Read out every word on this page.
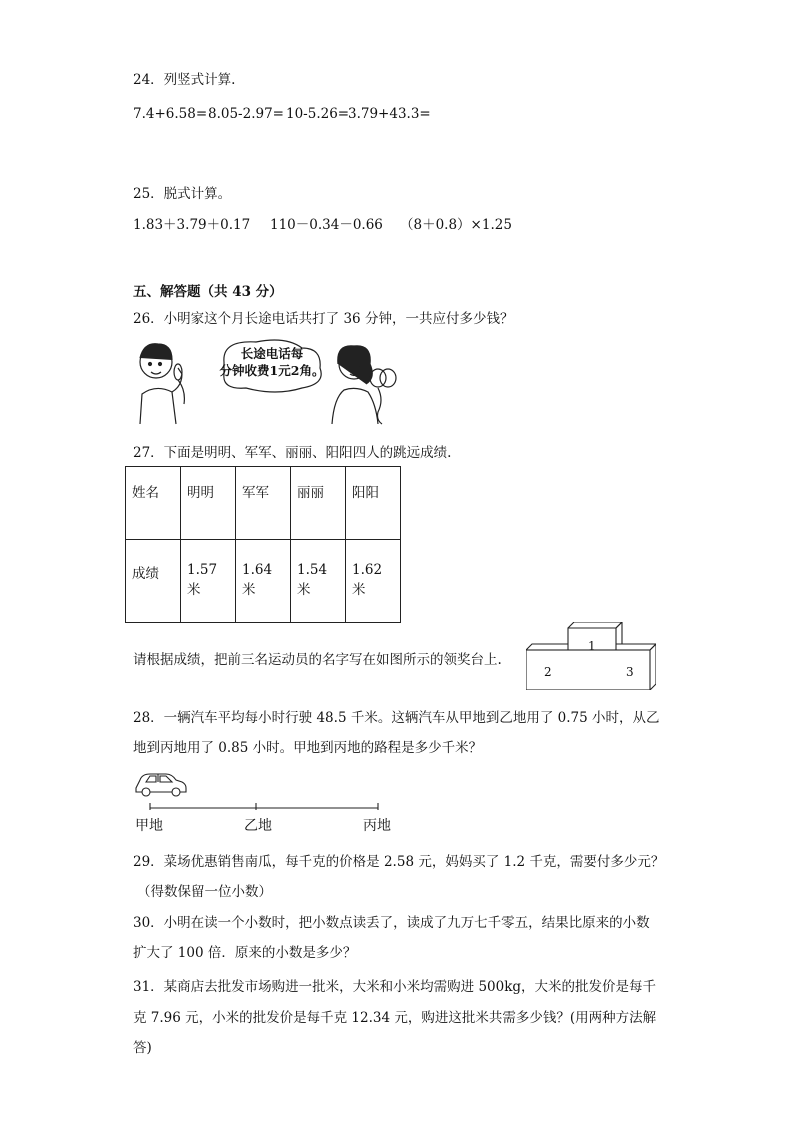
24．列竖式计算.
7.4+6.58= 8.05-2.97= 10-5.26=
3.79+43.3=
25．脱式计算。
1.83＋3.79＋0.17 110－0.34－0.66 （8＋0.8）×1.25
五、解答题（共 43 分）
26．小明家这个月长途电话共打了 36 分钟，一共应付多少钱？
长途电话每
分钟收费1元2角。
27．下面是明明、军军、丽丽、阳阳四人的跳远成绩.
姓名	明明	军军	丽丽	阳阳
成绩	1.57 米	1.64 米	1.54 米	1.62 米
请根据成绩，把前三名运动员的名字写在如图所示的领奖台上.
1
2	3
28．一辆汽车平均每小时行驶 48.5 千米。这辆汽车从甲地到乙地用了 0.75 小时，从乙
地到丙地用了 0.85 小时。甲地到丙地的路程是多少千米？
甲地	乙地	丙地
29．菜场优惠销售南瓜，每千克的价格是 2.58 元，妈妈买了 1.2 千克，需要付多少元？
（得数保留一位小数）
30．小明在读一个小数时，把小数点读丢了，读成了九万七千零五，结果比原来的小数
扩大了 100 倍．原来的小数是多少？
31．某商店去批发市场购进一批米，大米和小米均需购进 500kg，大米的批发价是每千
克 7.96 元，小米的批发价是每千克 12.34 元，购进这批米共需多少钱？(用两种方法解
答)
